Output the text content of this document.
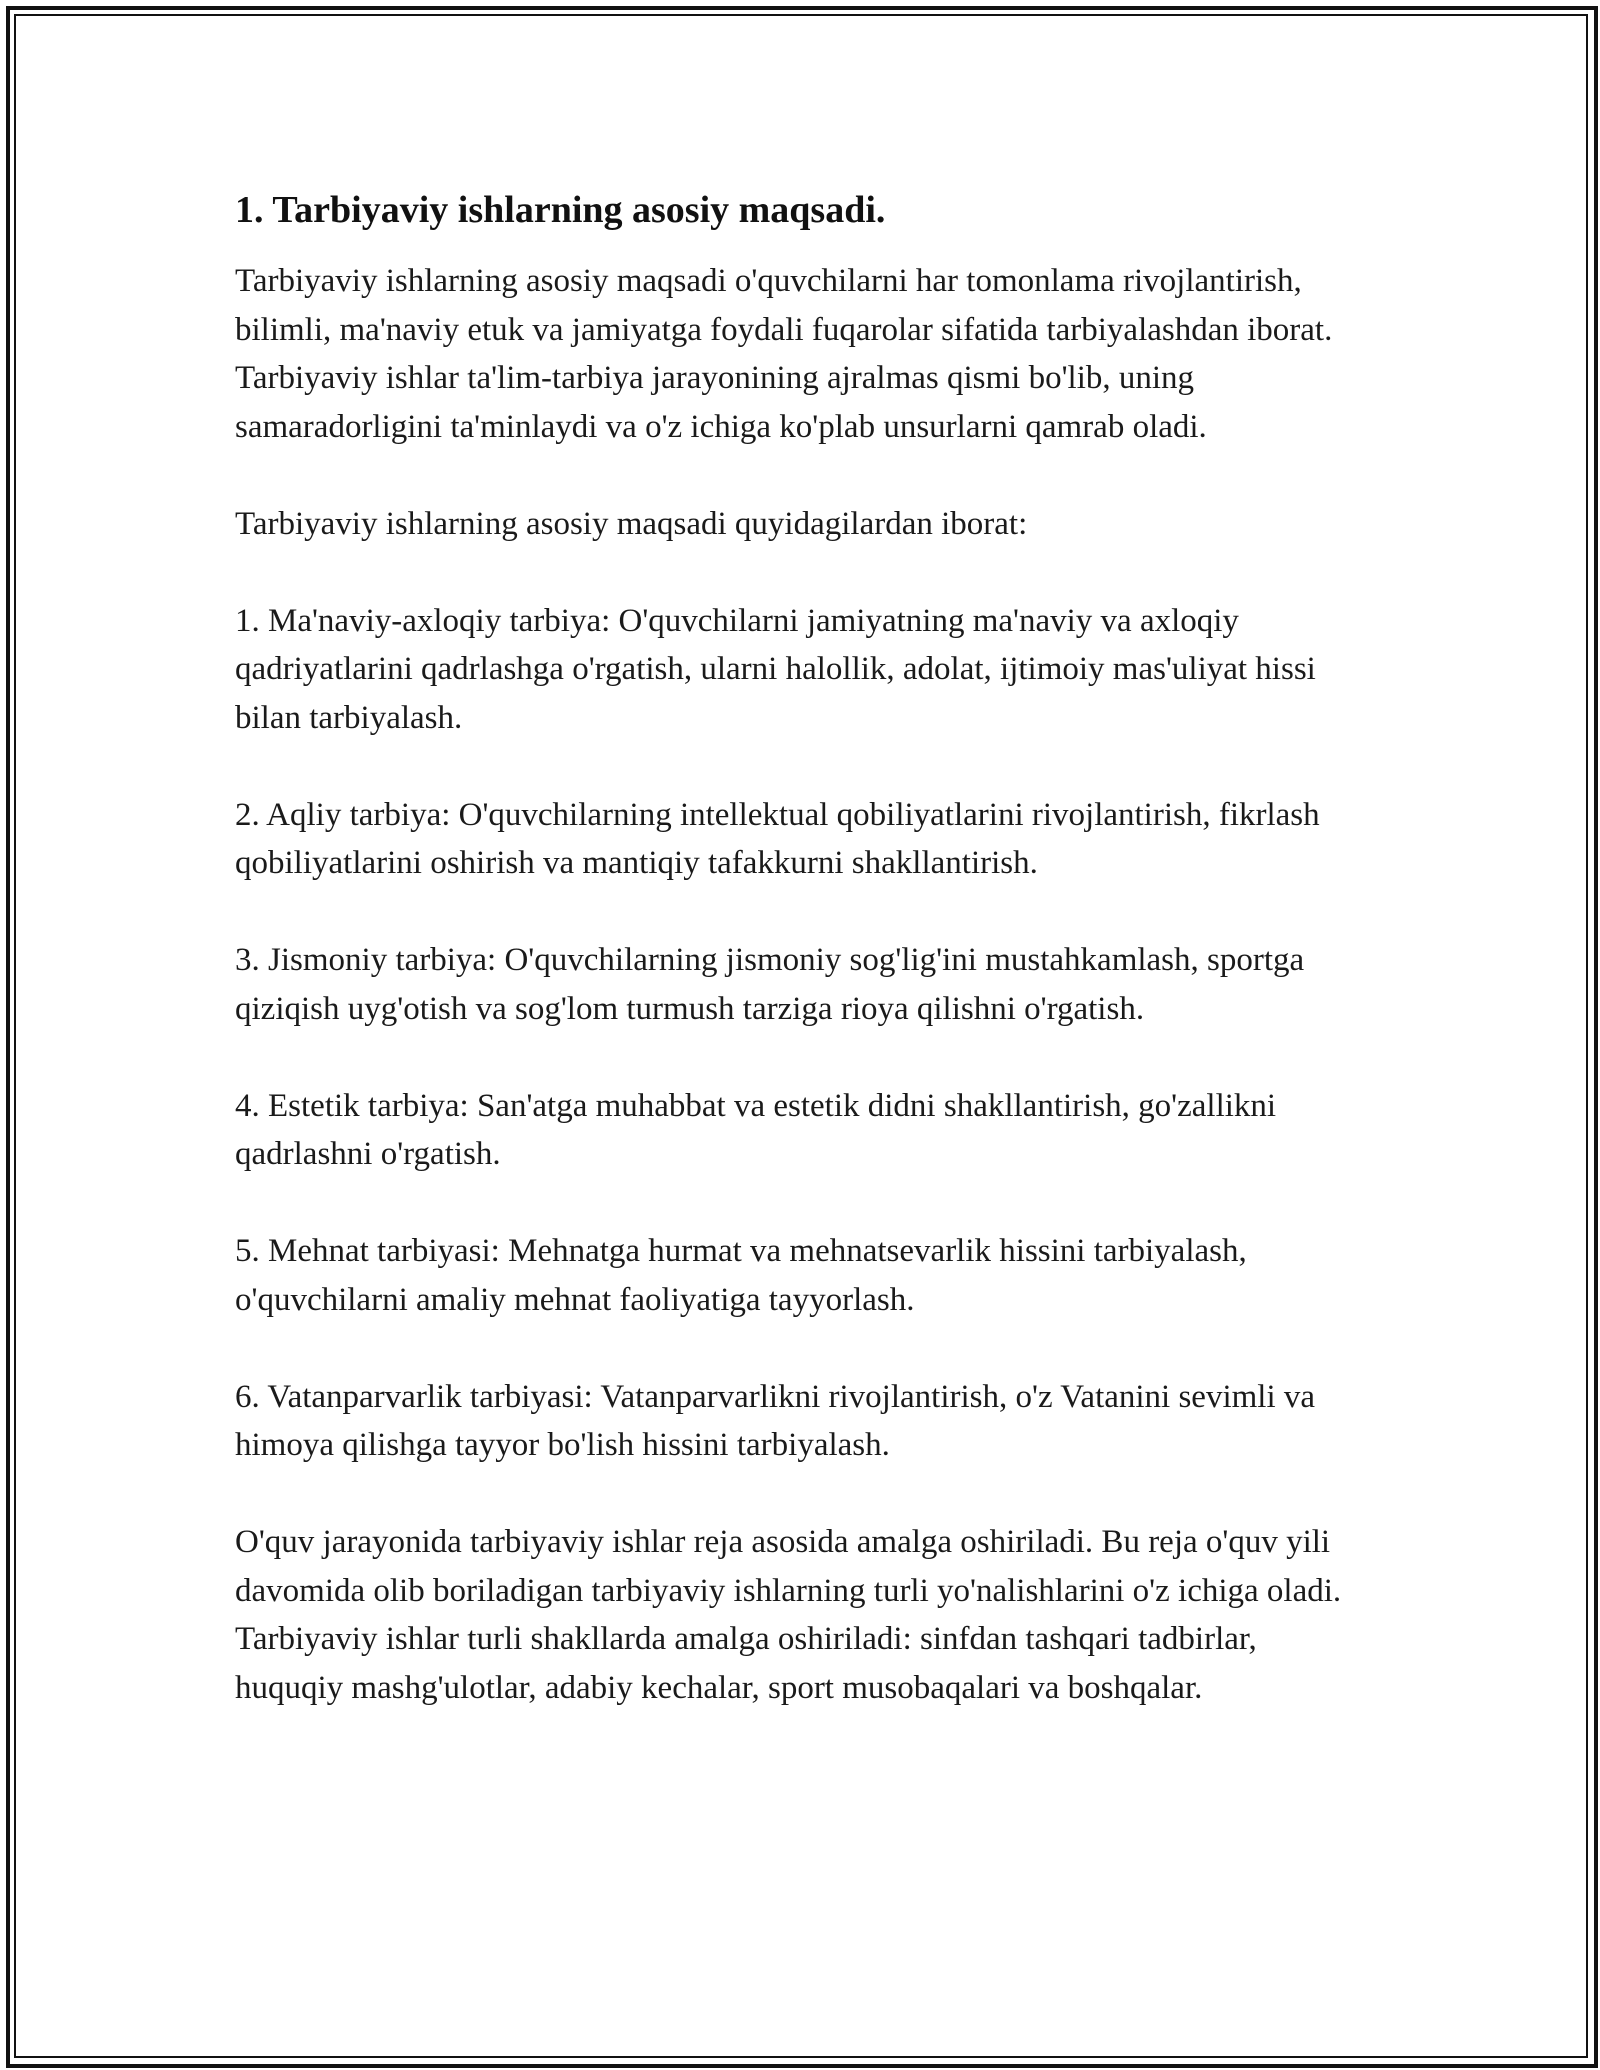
1. Tarbiyaviy ishlarning asosiy maqsadi.

Tarbiyaviy ishlarning asosiy maqsadi o'quvchilarni har tomonlama rivojlantirish, bilimli, ma'naviy etuk va jamiyatga foydali fuqarolar sifatida tarbiyalashdan iborat. Tarbiyaviy ishlar ta'lim-tarbiya jarayonining ajralmas qismi bo'lib, uning samaradorligini ta'minlaydi va o'z ichiga ko'plab unsurlarni qamrab oladi.

Tarbiyaviy ishlarning asosiy maqsadi quyidagilardan iborat:

1. Ma'naviy-axloqiy tarbiya: O'quvchilarni jamiyatning ma'naviy va axloqiy qadriyatlarini qadrlashga o'rgatish, ularni halollik, adolat, ijtimoiy mas'uliyat hissi bilan tarbiyalash.

2. Aqliy tarbiya: O'quvchilarning intellektual qobiliyatlarini rivojlantirish, fikrlash qobiliyatlarini oshirish va mantiqiy tafakkurni shakllantirish.

3. Jismoniy tarbiya: O'quvchilarning jismoniy sog'lig'ini mustahkamlash, sportga qiziqish uyg'otish va sog'lom turmush tarziga rioya qilishni o'rgatish.

4. Estetik tarbiya: San'atga muhabbat va estetik didni shakllantirish, go'zallikni qadrlashni o'rgatish.

5. Mehnat tarbiyasi: Mehnatga hurmat va mehnatsevarlik hissini tarbiyalash, o'quvchilarni amaliy mehnat faoliyatiga tayyorlash.

6. Vatanparvarlik tarbiyasi: Vatanparvarlikni rivojlantirish, o'z Vatanini sevimli va himoya qilishga tayyor bo'lish hissini tarbiyalash.

O'quv jarayonida tarbiyaviy ishlar reja asosida amalga oshiriladi. Bu reja o'quv yili davomida olib boriladigan tarbiyaviy ishlarning turli yo'nalishlarini o'z ichiga oladi. Tarbiyaviy ishlar turli shakllarda amalga oshiriladi: sinfdan tashqari tadbirlar, huquqiy mashg'ulotlar, adabiy kechalar, sport musobaqalari va boshqalar.
